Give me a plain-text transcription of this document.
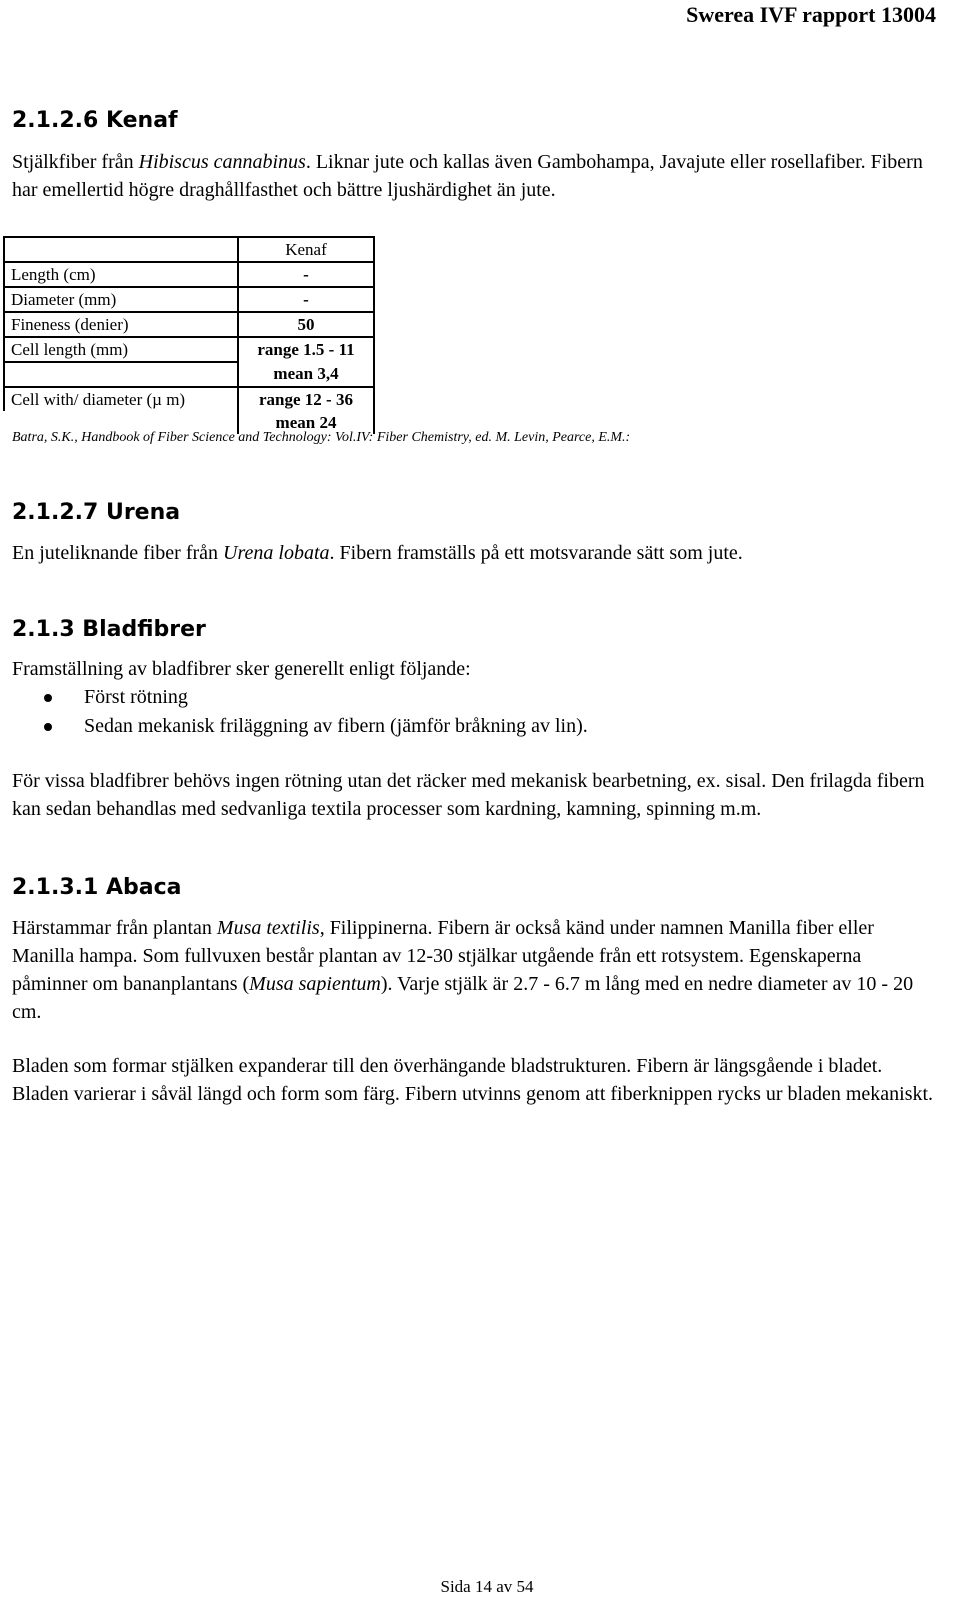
Swerea IVF rapport 13004
2.1.2.6 Kenaf
Stjälkfiber från Hibiscus cannabinus. Liknar jute och kallas även Gambohampa, Javajute eller rosellafiber. Fibern har emellertid högre draghållfasthet och bättre ljushärdighet än jute.
	Kenaf
Length (cm)	-
Diameter (mm)	-
Fineness (denier)	50
Cell length (mm)	range 1.5 - 11
	mean 3,4
Cell with/ diameter (µ m)	range 12 - 36
	mean 24
Batra, S.K., Handbook of Fiber Science and Technology: Vol.IV: Fiber Chemistry, ed. M. Levin, Pearce, E.M.:
2.1.2.7 Urena
En juteliknande fiber från Urena lobata. Fibern framställs på ett motsvarande sätt som jute.
2.1.3 Bladfibrer
Framställning av bladfibrer sker generellt enligt följande:
Först rötning
Sedan mekanisk friläggning av fibern (jämför bråkning av lin).
För vissa bladfibrer behövs ingen rötning utan det räcker med mekanisk bearbetning, ex. sisal. Den frilagda fibern kan sedan behandlas med sedvanliga textila processer som kardning, kamning, spinning m.m.
2.1.3.1 Abaca
Härstammar från plantan Musa textilis, Filippinerna. Fibern är också känd under namnen Manilla fiber eller Manilla hampa. Som fullvuxen består plantan av 12-30 stjälkar utgående från ett rotsystem. Egenskaperna påminner om bananplantans (Musa sapientum). Varje stjälk är 2.7 - 6.7 m lång med en nedre diameter av 10 - 20 cm.
Bladen som formar stjälken expanderar till den överhängande bladstrukturen. Fibern är längsgående i bladet. Bladen varierar i såväl längd och form som färg. Fibern utvinns genom att fiberknippen rycks ur bladen mekaniskt.
Sida 14 av 54
